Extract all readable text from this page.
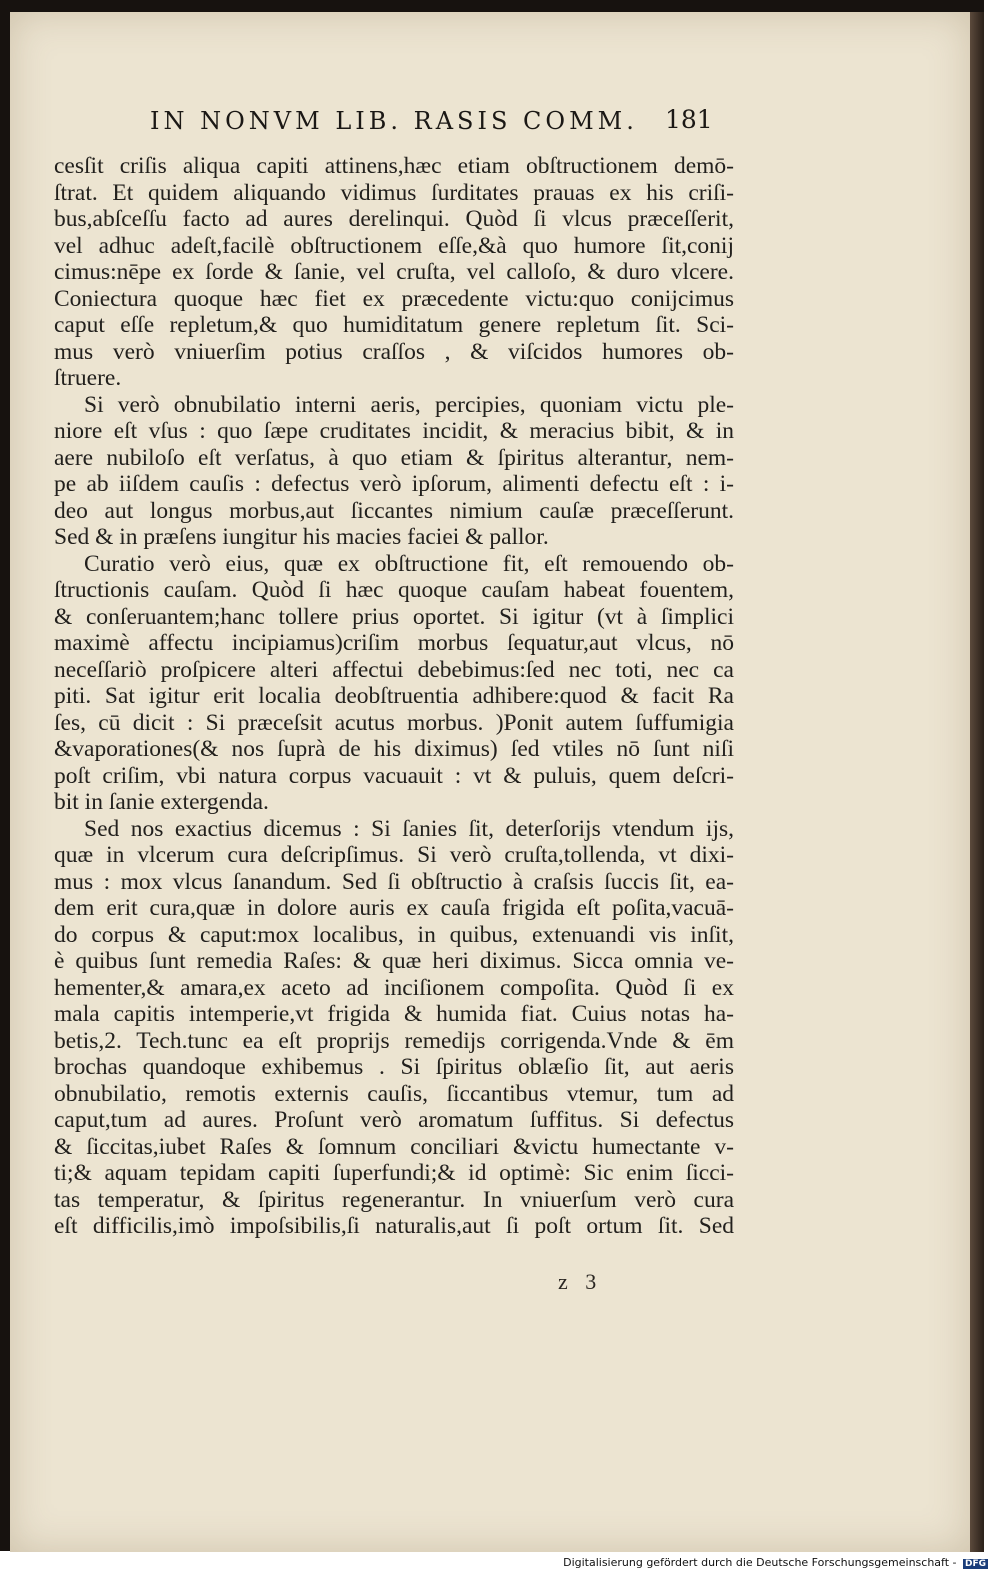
IN NONVM LIB. RASIS COMM.	181
cesſit criſis aliqua capiti attinens,hæc etiam obſtructionem demō-
ſtrat. Et quidem aliquando vidimus ſurditates prauas ex his criſi-
bus,abſceſſu facto ad aures derelinqui. Quòd ſi vlcus præceſſerit,
vel adhuc adeſt,facilè obſtructionem eſſe,&à quo humore ſit,conij
cimus:nēpe ex ſorde & ſanie, vel cruſta, vel calloſo, & duro vlcere.
Coniectura quoque hæc fiet ex præcedente victu:quo conijcimus
caput eſſe repletum,& quo humiditatum genere repletum ſit. Sci-
mus verò vniuerſim potius craſſos , & viſcidos humores ob-
ſtruere.
Si verò obnubilatio interni aeris, percipies, quoniam victu ple-
niore eſt vſus : quo ſæpe cruditates incidit, & meracius bibit, & in
aere nubiloſo eſt verſatus, à quo etiam & ſpiritus alterantur, nem-
pe ab iiſdem cauſis : defectus verò ipſorum, alimenti defectu eſt : i-
deo aut longus morbus,aut ſiccantes nimium cauſæ præceſſerunt.
Sed & in præſens iungitur his macies faciei & pallor.
Curatio verò eius, quæ ex obſtructione fit, eſt remouendo ob-
ſtructionis cauſam. Quòd ſi hæc quoque cauſam habeat fouentem,
& conſeruantem;hanc tollere prius oportet. Si igitur (vt à ſimplici
maximè affectu incipiamus)criſim morbus ſequatur,aut vlcus, nō
neceſſariò proſpicere alteri affectui debebimus:ſed nec toti, nec ca
piti. Sat igitur erit localia deobſtruentia adhibere:quod & facit Ra
ſes, cū dicit : Si præceſsit acutus morbus. )Ponit autem ſuffumigia
&vaporationes(& nos ſuprà de his diximus) ſed vtiles nō ſunt niſi
poſt criſim, vbi natura corpus vacuauit : vt & puluis, quem deſcri-
bit in ſanie extergenda.
Sed nos exactius dicemus : Si ſanies ſit, deterſorijs vtendum ijs,
quæ in vlcerum cura deſcripſimus. Si verò cruſta,tollenda, vt dixi-
mus : mox vlcus ſanandum. Sed ſi obſtructio à craſsis ſuccis ſit, ea-
dem erit cura,quæ in dolore auris ex cauſa frigida eſt poſita,vacuā-
do corpus & caput:mox localibus, in quibus, extenuandi vis inſit,
è quibus ſunt remedia Raſes: & quæ heri diximus. Sicca omnia ve-
hementer,& amara,ex aceto ad inciſionem compoſita. Quòd ſi ex
mala capitis intemperie,vt frigida & humida fiat. Cuius notas ha-
betis,2. Tech.tunc ea eſt proprijs remedijs corrigenda.Vnde & ēm
brochas quandoque exhibemus . Si ſpiritus oblæſio ſit, aut aeris
obnubilatio, remotis externis cauſis, ſiccantibus vtemur, tum ad
caput,tum ad aures. Proſunt verò aromatum ſuffitus. Si defectus
& ſiccitas,iubet Raſes & ſomnum conciliari &victu humectante v-
ti;& aquam tepidam capiti ſuperfundi;& id optimè: Sic enim ſicci-
tas temperatur, & ſpiritus regenerantur. In vniuerſum verò cura
eſt difficilis,imò impoſsibilis,ſi naturalis,aut ſi poſt ortum ſit. Sed
z 3
Digitalisierung gefördert durch die Deutsche Forschungsgemeinschaft - DFG
